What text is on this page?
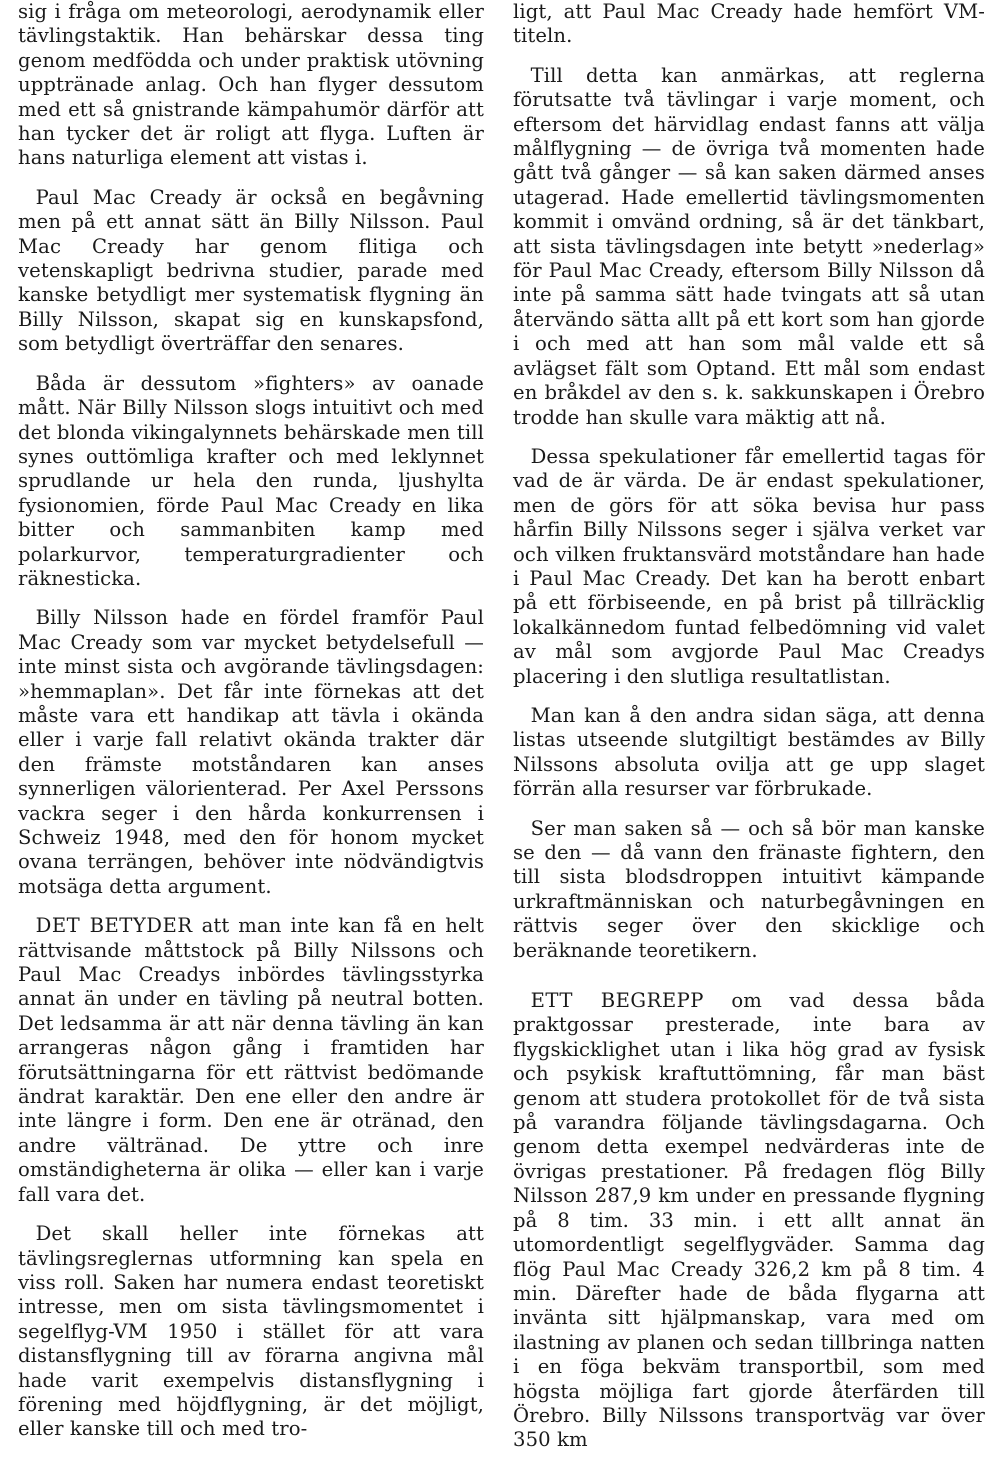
sig i fråga om meteorologi, aerodynamik eller tävlingstaktik. Han behärskar dessa ting genom medfödda och under praktisk utövning upptränade anlag. Och han flyger dessutom med ett så gnistrande kämpahumör därför att han tycker det är roligt att flyga. Luften är hans naturliga element att vistas i.

Paul Mac Cready är också en begåvning men på ett annat sätt än Billy Nilsson. Paul Mac Cready har genom flitiga och vetenskapligt bedrivna studier, parade med kanske betydligt mer systematisk flygning än Billy Nilsson, skapat sig en kunskapsfond, som betydligt överträffar den senares.

Båda är dessutom »fighters» av oanade mått. När Billy Nilsson slogs intuitivt och med det blonda vikingalynnets behärskade men till synes outtömliga krafter och med leklynnet sprudlande ur hela den runda, ljushylta fysionomien, förde Paul Mac Cready en lika bitter och sammanbiten kamp med polarkurvor, temperaturgradienter och räknesticka.

Billy Nilsson hade en fördel framför Paul Mac Cready som var mycket betydelsefull — inte minst sista och avgörande tävlingsdagen: »hemmaplan». Det får inte förnekas att det måste vara ett handikap att tävla i okända eller i varje fall relativt okända trakter där den främste motståndaren kan anses synnerligen välorienterad. Per Axel Perssons vackra seger i den hårda konkurrensen i Schweiz 1948, med den för honom mycket ovana terrängen, behöver inte nödvändigtvis motsäga detta argument.

DET BETYDER att man inte kan få en helt rättvisande måttstock på Billy Nilssons och Paul Mac Creadys inbördes tävlingsstyrka annat än under en tävling på neutral botten. Det ledsamma är att när denna tävling än kan arrangeras någon gång i framtiden har förutsättningarna för ett rättvist bedömande ändrat karaktär. Den ene eller den andre är inte längre i form. Den ene är otränad, den andre vältränad. De yttre och inre omständigheterna är olika — eller kan i varje fall vara det.

Det skall heller inte förnekas att tävlingsreglernas utformning kan spela en viss roll. Saken har numera endast teoretiskt intresse, men om sista tävlingsmomentet i segelflyg-VM 1950 i stället för att vara distansflygning till av förarna angivna mål hade varit exempelvis distansflygning i förening med höjdflygning, är det möjligt, eller kanske till och med tro-

ligt, att Paul Mac Cready hade hemfört VM-titeln.

Till detta kan anmärkas, att reglerna förutsatte två tävlingar i varje moment, och eftersom det härvidlag endast fanns att välja målflygning — de övriga två momenten hade gått två gånger — så kan saken därmed anses utagerad. Hade emellertid tävlingsmomenten kommit i omvänd ordning, så är det tänkbart, att sista tävlingsdagen inte betytt »nederlag» för Paul Mac Cready, eftersom Billy Nilsson då inte på samma sätt hade tvingats att så utan återvändo sätta allt på ett kort som han gjorde i och med att han som mål valde ett så avlägset fält som Optand. Ett mål som endast en bråkdel av den s. k. sakkunskapen i Örebro trodde han skulle vara mäktig att nå.

Dessa spekulationer får emellertid tagas för vad de är värda. De är endast spekulationer, men de görs för att söka bevisa hur pass hårfin Billy Nilssons seger i själva verket var och vilken fruktansvärd motståndare han hade i Paul Mac Cready. Det kan ha berott enbart på ett förbiseende, en på brist på tillräcklig lokalkännedom funtad felbedömning vid valet av mål som avgjorde Paul Mac Creadys placering i den slutliga resultatlistan.

Man kan å den andra sidan säga, att denna listas utseende slutgiltigt bestämdes av Billy Nilssons absoluta ovilja att ge upp slaget förrän alla resurser var förbrukade.

Ser man saken så — och så bör man kanske se den — då vann den fränaste fightern, den till sista blodsdroppen intuitivt kämpande urkraftmänniskan och naturbegåvningen en rättvis seger över den skicklige och beräknande teoretikern.

ETT BEGREPP om vad dessa båda praktgossar presterade, inte bara av flygskicklighet utan i lika hög grad av fysisk och psykisk kraftuttömning, får man bäst genom att studera protokollet för de två sista på varandra följande tävlingsdagarna. Och genom detta exempel nedvärderas inte de övrigas prestationer. På fredagen flög Billy Nilsson 287,9 km under en pressande flygning på 8 tim. 33 min. i ett allt annat än utomordentligt segelflygväder. Samma dag flög Paul Mac Cready 326,2 km på 8 tim. 4 min. Därefter hade de båda flygarna att invänta sitt hjälpmanskap, vara med om ilastning av planen och sedan tillbringa natten i en föga bekväm transportbil, som med högsta möjliga fart gjorde återfärden till Örebro. Billy Nilssons transportväg var över 350 km
